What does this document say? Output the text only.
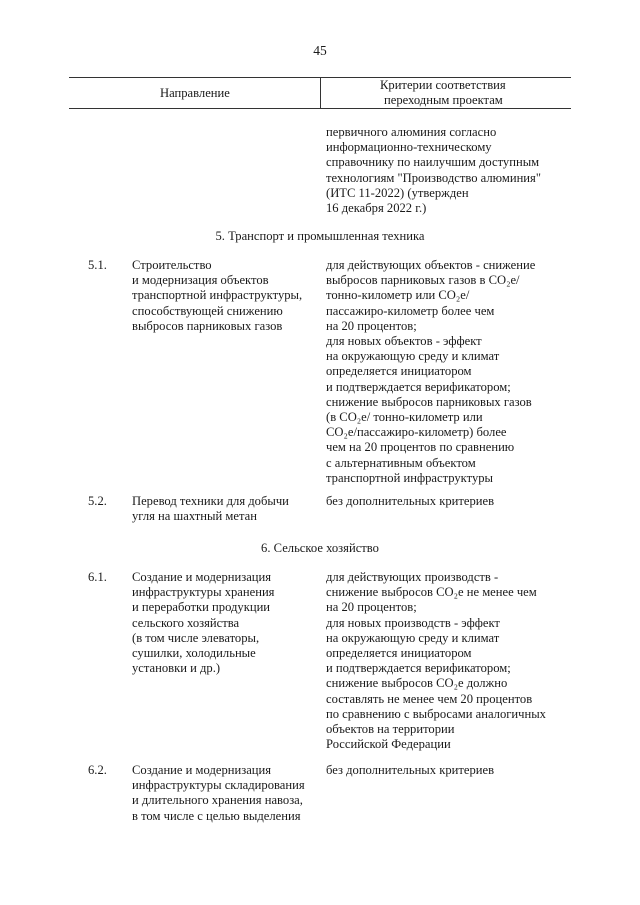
45
Направление
Критерии соответствия
переходным проектам
первичного алюминия согласно
информационно-техническому
справочнику по наилучшим доступным
технологиям "Производство алюминия"
(ИТС 11-2022) (утвержден
16 декабря 2022 г.)
5. Транспорт и промышленная техника
5.1. Строительство
и модернизация объектов
транспортной инфраструктуры,
способствующей снижению
выбросов парниковых газов
для действующих объектов - снижение
выбросов парниковых газов в CO₂e/
тонно-километр или CO₂e/
пассажиро-километр более чем
на 20 процентов;
для новых объектов - эффект
на окружающую среду и климат
определяется инициатором
и подтверждается верификатором;
снижение выбросов парниковых газов
(в CO₂e/ тонно-километр или
CO₂e/пассажиро-километр) более
чем на 20 процентов по сравнению
с альтернативным объектом
транспортной инфраструктуры
5.2. Перевод техники для добычи
угля на шахтный метан
без дополнительных критериев
6. Сельское хозяйство
6.1. Создание и модернизация
инфраструктуры хранения
и переработки продукции
сельского хозяйства
(в том числе элеваторы,
сушилки, холодильные
установки и др.)
для действующих производств -
снижение выбросов CO₂e не менее чем
на 20 процентов;
для новых производств - эффект
на окружающую среду и климат
определяется инициатором
и подтверждается верификатором;
снижение выбросов CO₂e должно
составлять не менее чем 20 процентов
по сравнению с выбросами аналогичных
объектов на территории
Российской Федерации
6.2. Создание и модернизация
инфраструктуры складирования
и длительного хранения навоза,
в том числе с целью выделения
без дополнительных критериев
